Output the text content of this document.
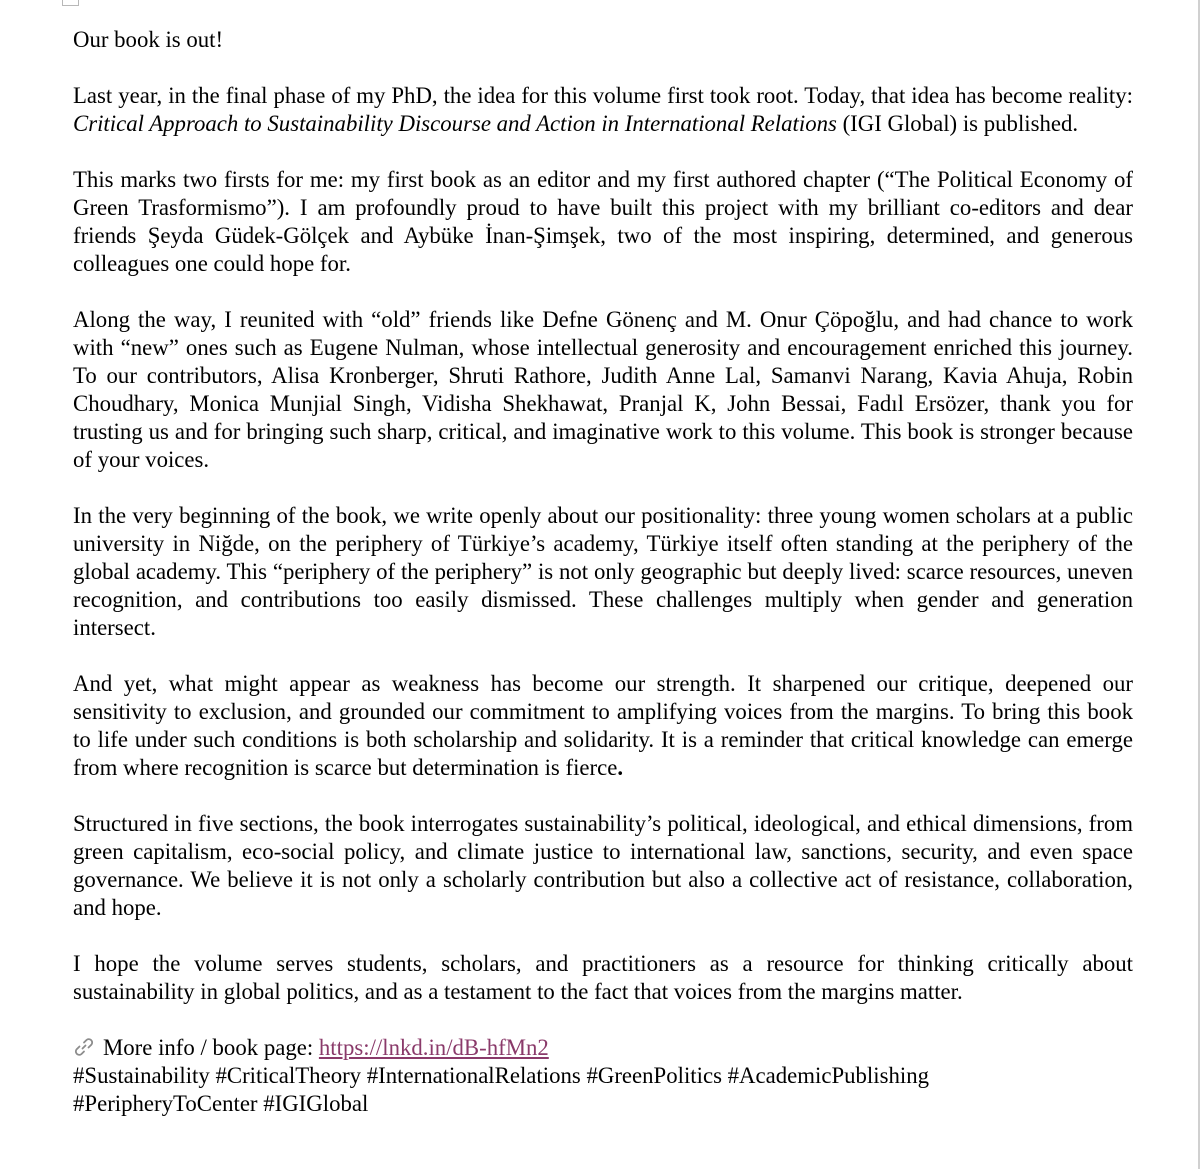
Our book is out!

Last year, in the final phase of my PhD, the idea for this volume first took root. Today, that idea has become reality: Critical Approach to Sustainability Discourse and Action in International Relations (IGI Global) is published.

This marks two firsts for me: my first book as an editor and my first authored chapter (“The Political Economy of Green Trasformismo”). I am profoundly proud to have built this project with my brilliant co-editors and dear friends Şeyda Güdek-Gölçek and Aybüke İnan-Şimşek, two of the most inspiring, determined, and generous colleagues one could hope for.

Along the way, I reunited with “old” friends like Defne Gönenç and M. Onur Çöpoğlu, and had chance to work with “new” ones such as Eugene Nulman, whose intellectual generosity and encouragement enriched this journey. To our contributors, Alisa Kronberger, Shruti Rathore, Judith Anne Lal, Samanvi Narang, Kavia Ahuja, Robin Choudhary, Monica Munjial Singh, Vidisha Shekhawat, Pranjal K, John Bessai, Fadıl Ersözer, thank you for trusting us and for bringing such sharp, critical, and imaginative work to this volume. This book is stronger because of your voices.

In the very beginning of the book, we write openly about our positionality: three young women scholars at a public university in Niğde, on the periphery of Türkiye’s academy, Türkiye itself often standing at the periphery of the global academy. This “periphery of the periphery” is not only geographic but deeply lived: scarce resources, uneven recognition, and contributions too easily dismissed. These challenges multiply when gender and generation intersect.

And yet, what might appear as weakness has become our strength. It sharpened our critique, deepened our sensitivity to exclusion, and grounded our commitment to amplifying voices from the margins. To bring this book to life under such conditions is both scholarship and solidarity. It is a reminder that critical knowledge can emerge from where recognition is scarce but determination is fierce.

Structured in five sections, the book interrogates sustainability’s political, ideological, and ethical dimensions, from green capitalism, eco-social policy, and climate justice to international law, sanctions, security, and even space governance. We believe it is not only a scholarly contribution but also a collective act of resistance, collaboration, and hope.

I hope the volume serves students, scholars, and practitioners as a resource for thinking critically about sustainability in global politics, and as a testament to the fact that voices from the margins matter.

More info / book page: https://lnkd.in/dB-hfMn2
#Sustainability #CriticalTheory #InternationalRelations #GreenPolitics #AcademicPublishing
#PeripheryToCenter #IGIGlobal
